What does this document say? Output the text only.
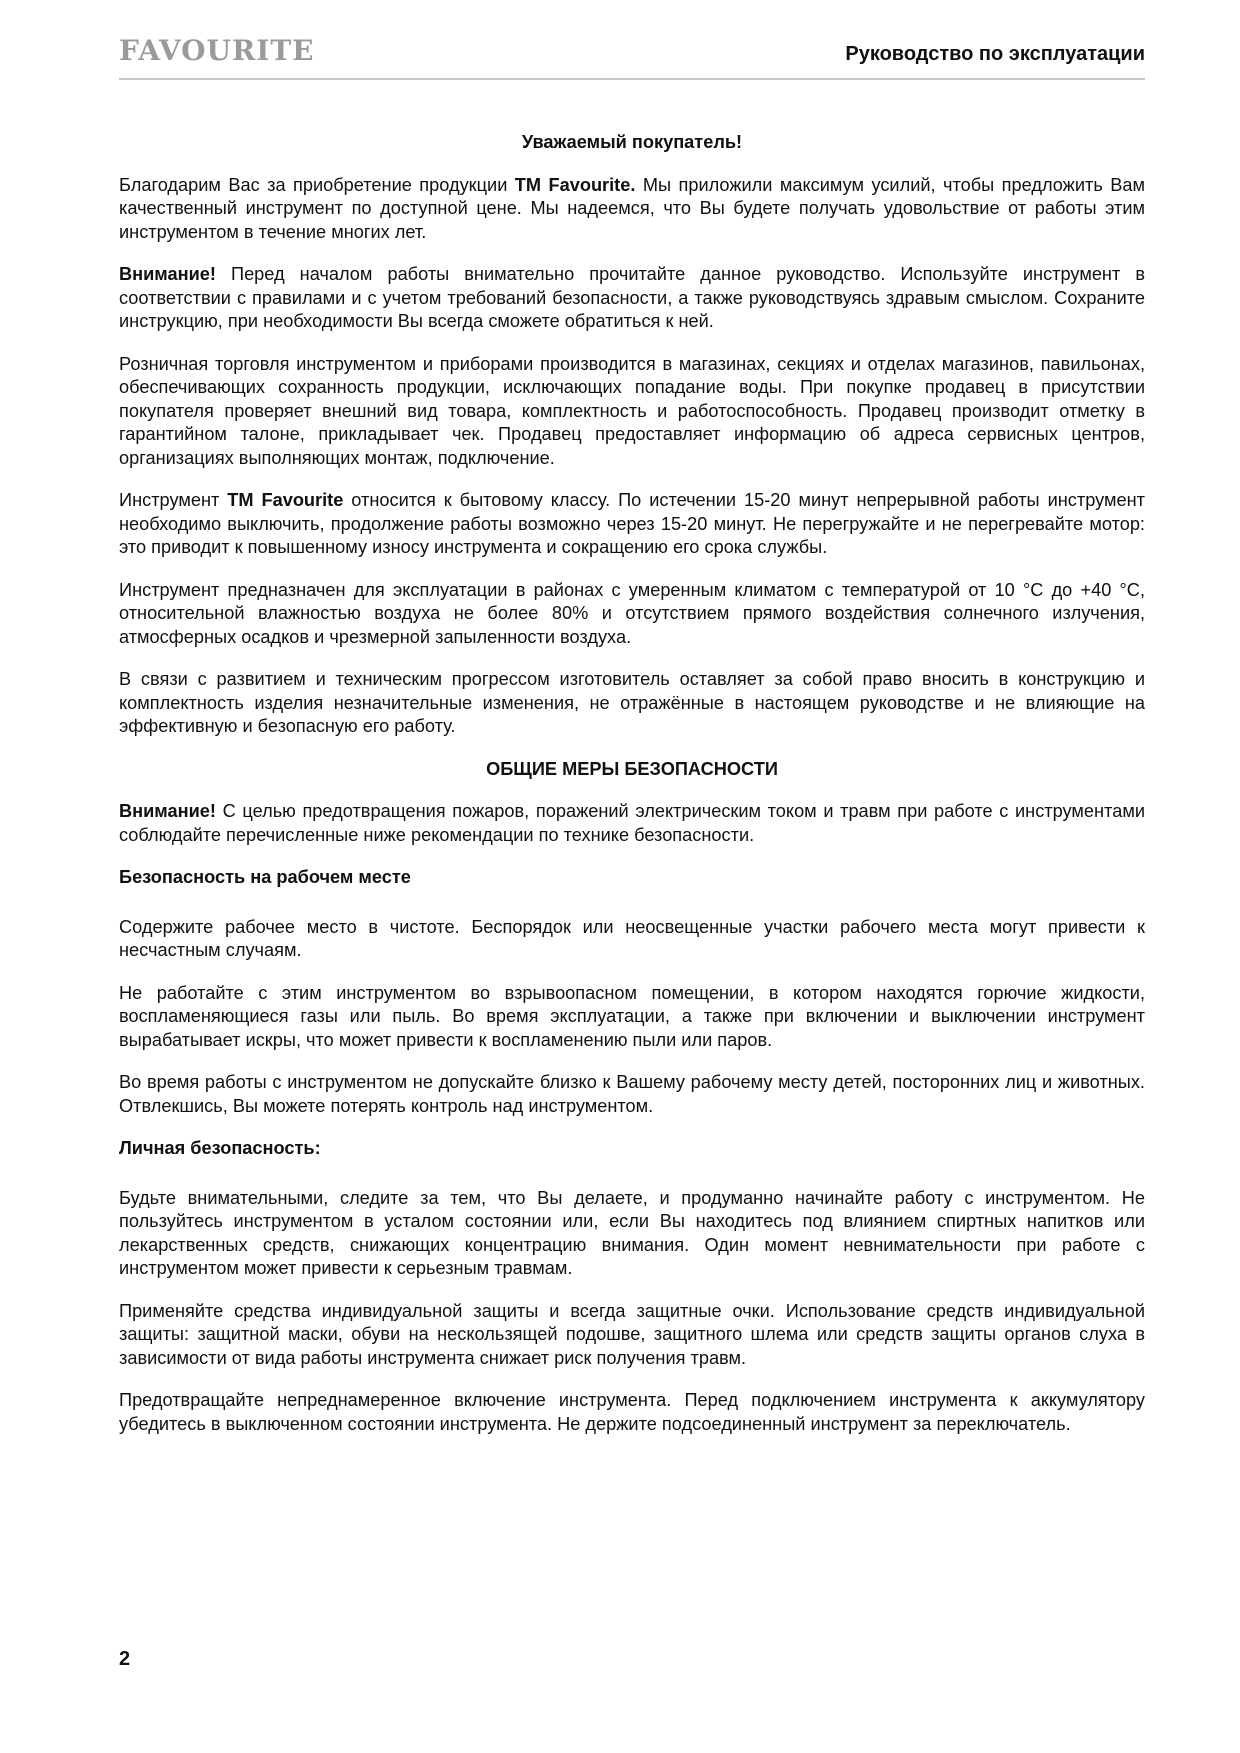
FAVOURITE	Руководство по эксплуатации

Уважаемый покупатель!

Благодарим Вас за приобретение продукции TM Favourite. Мы приложили максимум усилий, чтобы предложить Вам качественный инструмент по доступной цене. Мы надеемся, что Вы будете получать удовольствие от работы этим инструментом в течение многих лет.

Внимание! Перед началом работы внимательно прочитайте данное руководство. Используйте инструмент в соответствии с правилами и с учетом требований безопасности, а также руководствуясь здравым смыслом. Сохраните инструкцию, при необходимости Вы всегда сможете обратиться к ней.

Розничная торговля инструментом и приборами производится в магазинах, секциях и отделах магазинов, павильонах, обеспечивающих сохранность продукции, исключающих попадание воды. При покупке продавец в присутствии покупателя проверяет внешний вид товара, комплектность и работоспособность. Продавец производит отметку в гарантийном талоне, прикладывает чек. Продавец предоставляет информацию об адреса сервисных центров, организациях выполняющих монтаж, подключение.

Инструмент TM Favourite относится к бытовому классу. По истечении 15-20 минут непрерывной работы инструмент необходимо выключить, продолжение работы возможно через 15-20 минут. Не перегружайте и не перегревайте мотор: это приводит к повышенному износу инструмента и сокращению его срока службы.

Инструмент предназначен для эксплуатации в районах с умеренным климатом с температурой от 10 °С до +40 °С, относительной влажностью воздуха не более 80% и отсутствием прямого воздействия солнечного излучения, атмосферных осадков и чрезмерной запыленности воздуха.

В связи с развитием и техническим прогрессом изготовитель оставляет за собой право вносить в конструкцию и комплектность изделия незначительные изменения, не отражённые в настоящем руководстве и не влияющие на эффективную и безопасную его работу.

ОБЩИЕ МЕРЫ БЕЗОПАСНОСТИ

Внимание! С целью предотвращения пожаров, поражений электрическим током и травм при работе с инструментами соблюдайте перечисленные ниже рекомендации по технике безопасности.

Безопасность на рабочем месте

Содержите рабочее место в чистоте. Беспорядок или неосвещенные участки рабочего места могут привести к несчастным случаям.

Не работайте с этим инструментом во взрывоопасном помещении, в котором находятся горючие жидкости, воспламеняющиеся газы или пыль. Во время эксплуатации, а также при включении и выключении инструмент вырабатывает искры, что может привести к воспламенению пыли или паров.

Во время работы с инструментом не допускайте близко к Вашему рабочему месту детей, посторонних лиц и животных. Отвлекшись, Вы можете потерять контроль над инструментом.

Личная безопасность:

Будьте внимательными, следите за тем, что Вы делаете, и продуманно начинайте работу с инструментом. Не пользуйтесь инструментом в усталом состоянии или, если Вы находитесь под влиянием спиртных напитков или лекарственных средств, снижающих концентрацию внимания. Один момент невнимательности при работе с инструментом может привести к серьезным травмам.

Применяйте средства индивидуальной защиты и всегда защитные очки. Использование средств индивидуальной защиты: защитной маски, обуви на нескользящей подошве, защитного шлема или средств защиты органов слуха в зависимости от вида работы инструмента снижает риск получения травм.

Предотвращайте непреднамеренное включение инструмента. Перед подключением инструмента к аккумулятору убедитесь в выключенном состоянии инструмента. Не держите подсоединенный инструмент за переключатель.

2
